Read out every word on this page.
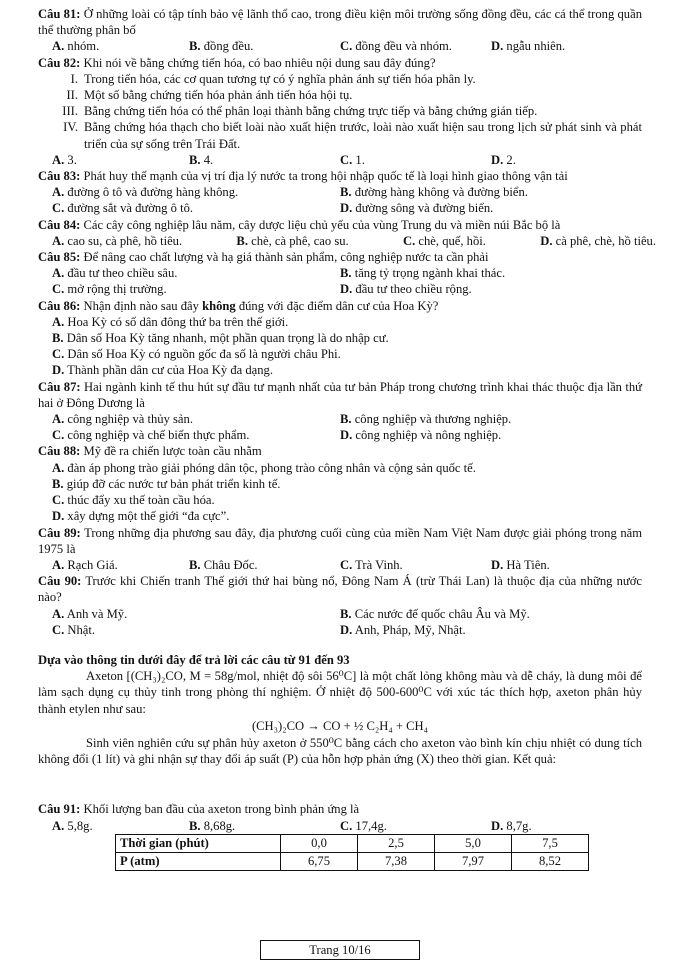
Câu 81: Ở những loài có tập tính bảo vệ lãnh thổ cao, trong điều kiện môi trường sống đồng đều, các cá thể trong quần thể thường phân bố
A. nhóm.	B. đồng đều.	C. đồng đều và nhóm.	D. ngẫu nhiên.
Câu 82: Khi nói về bằng chứng tiến hóa, có bao nhiêu nội dung sau đây đúng?
I. Trong tiến hóa, các cơ quan tương tự có ý nghĩa phản ánh sự tiến hóa phân ly.
II. Một số bằng chứng tiến hóa phản ánh tiến hóa hội tụ.
III. Bằng chứng tiến hóa có thể phân loại thành bằng chứng trực tiếp và bằng chứng gián tiếp.
IV. Bằng chứng hóa thạch cho biết loài nào xuất hiện trước, loài nào xuất hiện sau trong lịch sử phát sinh và phát triển của sự sống trên Trái Đất.
A. 3.	B. 4.	C. 1.	D. 2.
Câu 83: Phát huy thế mạnh của vị trí địa lý nước ta trong hội nhập quốc tế là loại hình giao thông vận tải
A. đường ô tô và đường hàng không.	B. đường hàng không và đường biển.
C. đường sắt và đường ô tô.	D. đường sông và đường biển.
Câu 84: Các cây công nghiệp lâu năm, cây dược liệu chủ yếu của vùng Trung du và miền núi Bắc bộ là
A. cao su, cà phê, hồ tiêu.	B. chè, cà phê, cao su.	C. chè, quế, hồi.	D. cà phê, chè, hồ tiêu.
Câu 85: Để nâng cao chất lượng và hạ giá thành sản phẩm, công nghiệp nước ta cần phải
A. đầu tư theo chiều sâu.	B. tăng tỷ trọng ngành khai thác.
C. mở rộng thị trường.	D. đầu tư theo chiều rộng.
Câu 86: Nhận định nào sau đây không đúng với đặc điểm dân cư của Hoa Kỳ?
A. Hoa Kỳ có số dân đông thứ ba trên thế giới.
B. Dân số Hoa Kỳ tăng nhanh, một phần quan trọng là do nhập cư.
C. Dân số Hoa Kỳ có nguồn gốc đa số là người châu Phi.
D. Thành phần dân cư của Hoa Kỳ đa dạng.
Câu 87: Hai ngành kinh tế thu hút sự đầu tư mạnh nhất của tư bản Pháp trong chương trình khai thác thuộc địa lần thứ hai ở Đông Dương là
A. công nghiệp và thủy sản.	B. công nghiệp và thương nghiệp.
C. công nghiệp và chế biến thực phẩm.	D. công nghiệp và nông nghiệp.
Câu 88: Mỹ đề ra chiến lược toàn cầu nhằm
A. đàn áp phong trào giải phóng dân tộc, phong trào công nhân và cộng sản quốc tế.
B. giúp đỡ các nước tư bản phát triển kinh tế.
C. thúc đẩy xu thế toàn cầu hóa.
D. xây dựng một thế giới “đa cực”.
Câu 89: Trong những địa phương sau đây, địa phương cuối cùng của miền Nam Việt Nam được giải phóng trong năm 1975 là
A. Rạch Giá.	B. Châu Đốc.	C. Trà Vinh.	D. Hà Tiên.
Câu 90: Trước khi Chiến tranh Thế giới thứ hai bùng nổ, Đông Nam Á (trừ Thái Lan) là thuộc địa của những nước nào?
A. Anh và Mỹ.	B. Các nước đế quốc châu Âu và Mỹ.
C. Nhật.	D. Anh, Pháp, Mỹ, Nhật.
Dựa vào thông tin dưới đây để trả lời các câu từ 91 đến 93

Axeton [(CH₃)₂CO, M = 58g/mol, nhiệt độ sôi 56⁰C] là một chất lỏng không màu và dễ cháy, là dung môi để làm sạch dụng cụ thủy tinh trong phòng thí nghiệm. Ở nhiệt độ 500-600⁰C với xúc tác thích hợp, axeton phân hủy thành etylen như sau:

(CH₃)₂CO → CO + ½ C₂H₄ + CH₄

Sinh viên nghiên cứu sự phân hủy axeton ở 550⁰C bằng cách cho axeton vào bình kín chịu nhiệt có dung tích không đổi (1 lít) và ghi nhận sự thay đổi áp suất (P) của hỗn hợp phản ứng (X) theo thời gian. Kết quả:

Câu 91: Khối lượng ban đầu của axeton trong bình phản ứng là
A. 5,8g.	B. 8,68g.	C. 17,4g.	D. 8,7g.
Thời gian (phút)	0,0	2,5	5,0	7,5
P (atm)	6,75	7,38	7,97	8,52
Trang 10/16
